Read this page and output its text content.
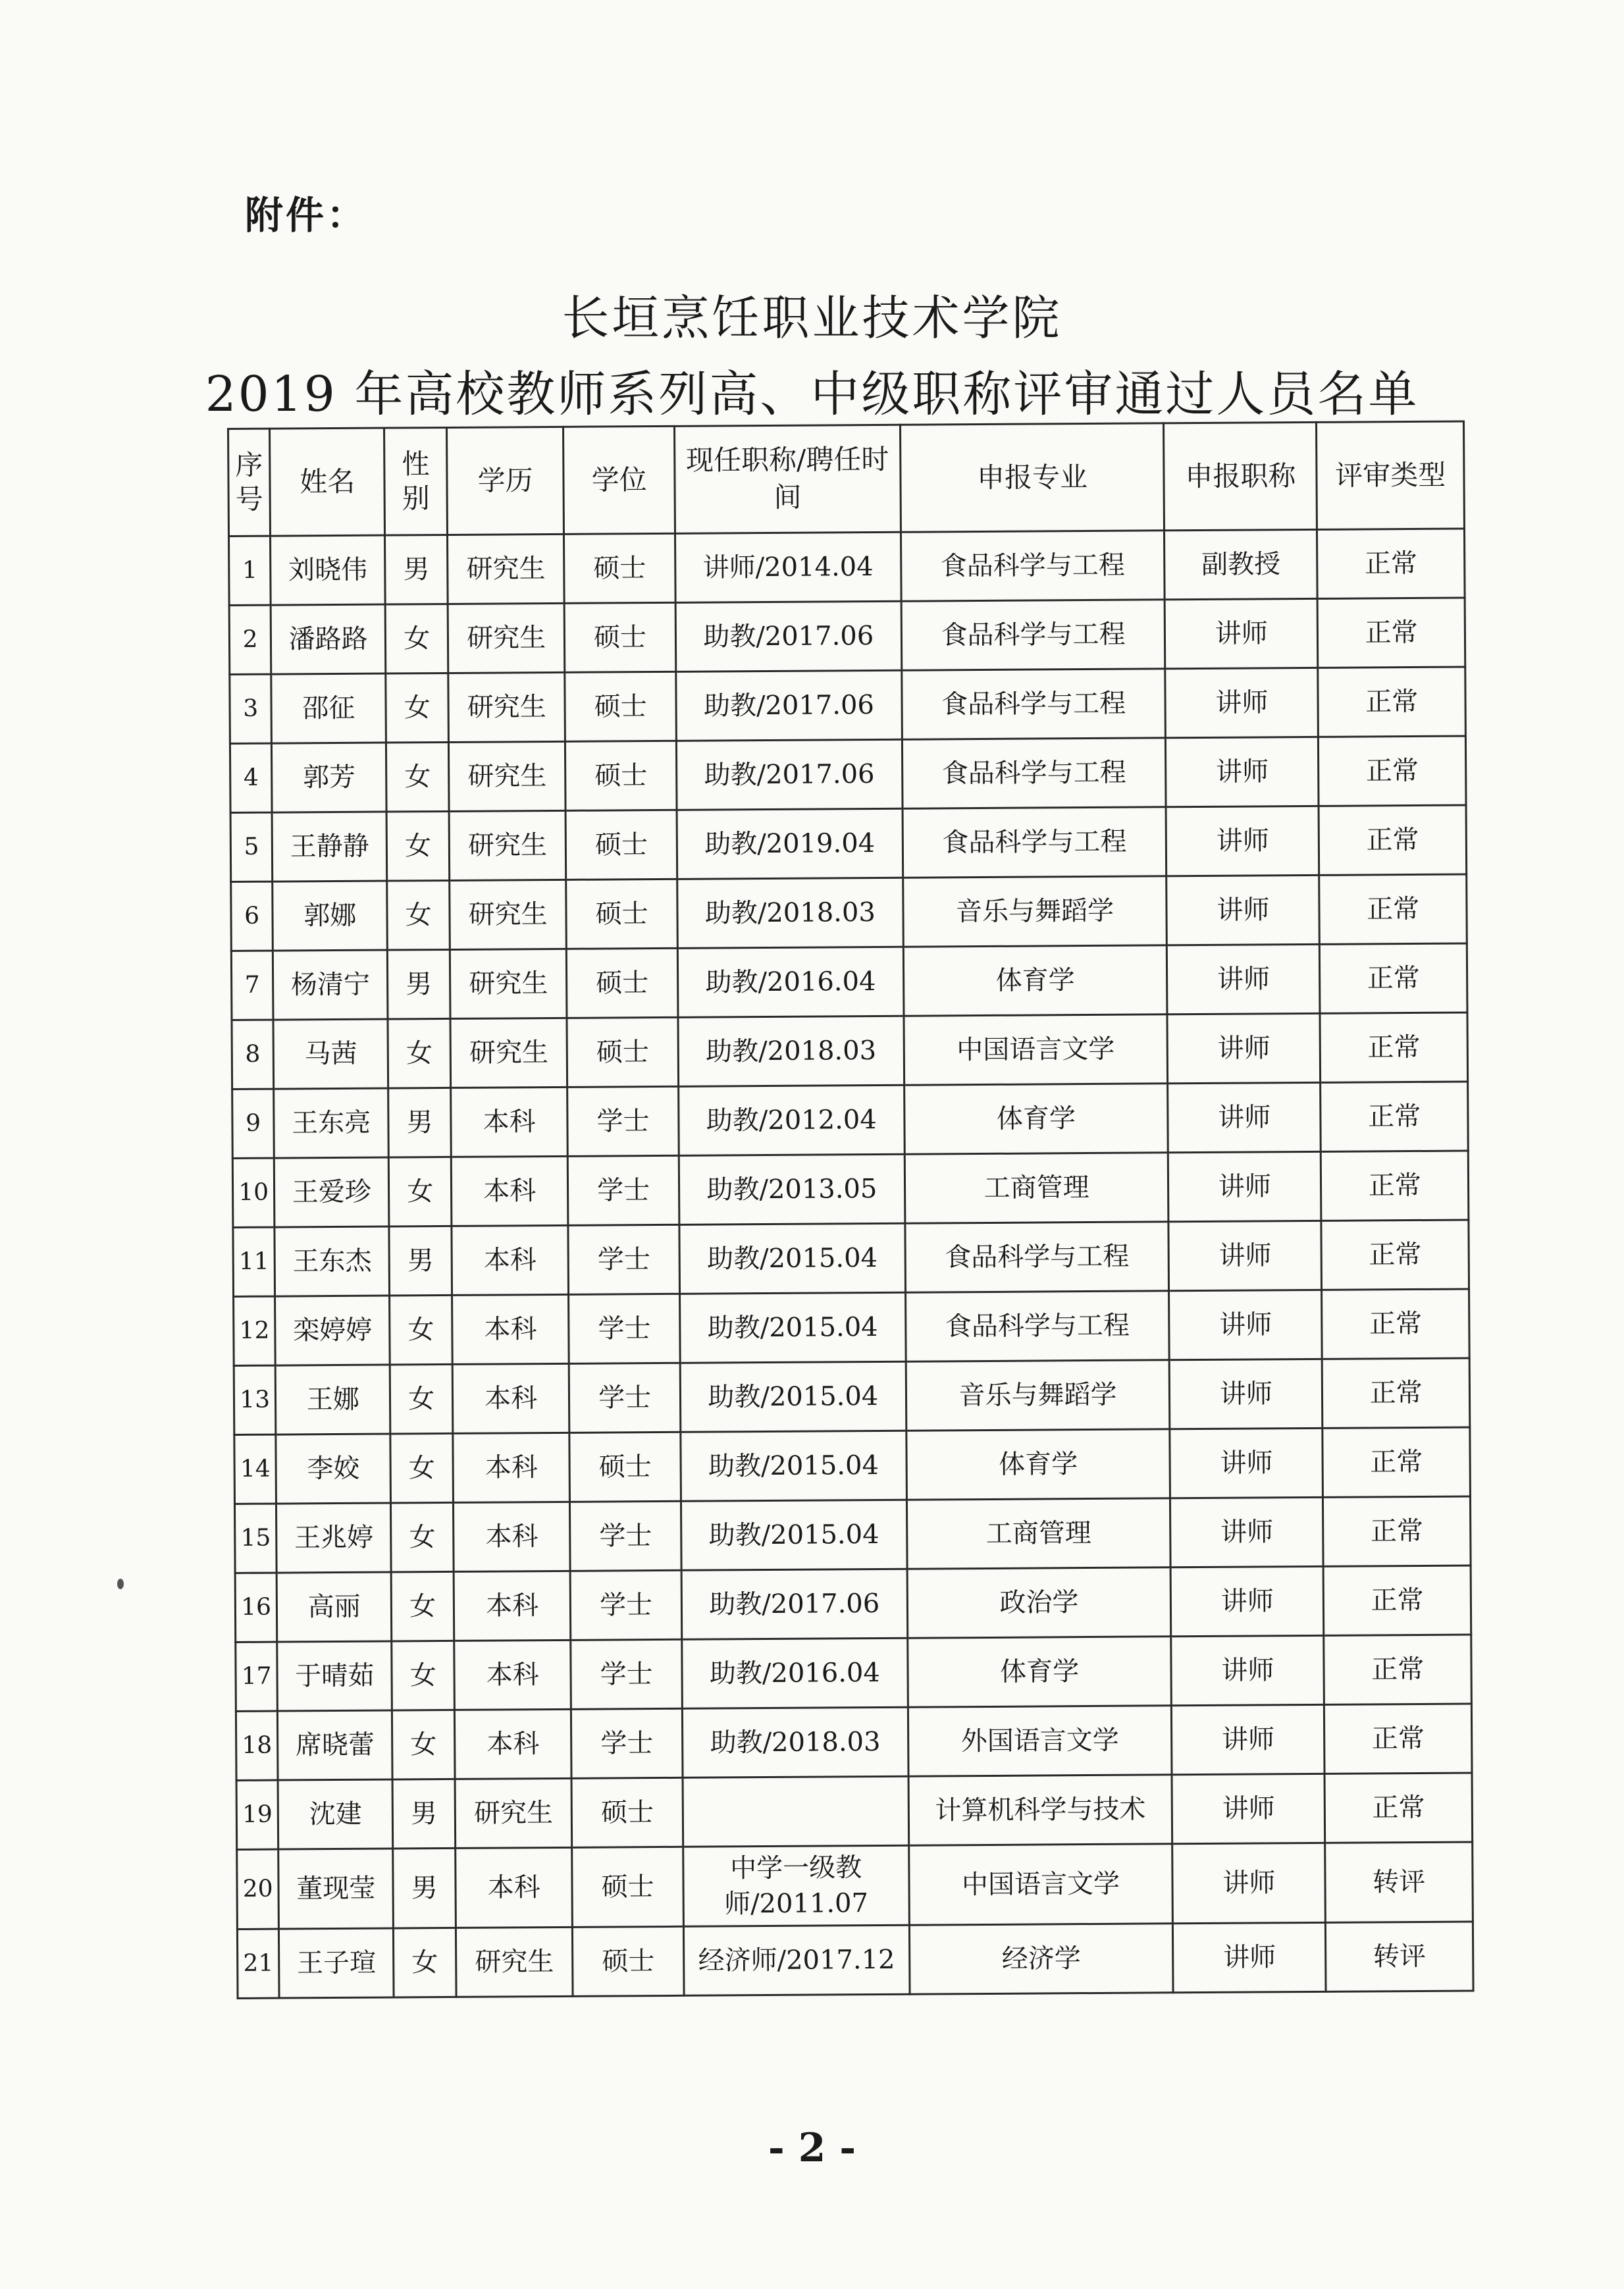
附件：
长垣烹饪职业技术学院
2019 年高校教师系列高、中级职称评审通过人员名单
序号	姓名	性别	学历	学位	现任职称/聘任时间	申报专业	申报职称	评审类型
1	刘晓伟	男	研究生	硕士	讲师/2014.04	食品科学与工程	副教授	正常
2	潘路路	女	研究生	硕士	助教/2017.06	食品科学与工程	讲师	正常
3	邵征	女	研究生	硕士	助教/2017.06	食品科学与工程	讲师	正常
4	郭芳	女	研究生	硕士	助教/2017.06	食品科学与工程	讲师	正常
5	王静静	女	研究生	硕士	助教/2019.04	食品科学与工程	讲师	正常
6	郭娜	女	研究生	硕士	助教/2018.03	音乐与舞蹈学	讲师	正常
7	杨清宁	男	研究生	硕士	助教/2016.04	体育学	讲师	正常
8	马茜	女	研究生	硕士	助教/2018.03	中国语言文学	讲师	正常
9	王东亮	男	本科	学士	助教/2012.04	体育学	讲师	正常
10	王爱珍	女	本科	学士	助教/2013.05	工商管理	讲师	正常
11	王东杰	男	本科	学士	助教/2015.04	食品科学与工程	讲师	正常
12	栾婷婷	女	本科	学士	助教/2015.04	食品科学与工程	讲师	正常
13	王娜	女	本科	学士	助教/2015.04	音乐与舞蹈学	讲师	正常
14	李姣	女	本科	硕士	助教/2015.04	体育学	讲师	正常
15	王兆婷	女	本科	学士	助教/2015.04	工商管理	讲师	正常
16	高丽	女	本科	学士	助教/2017.06	政治学	讲师	正常
17	于晴茹	女	本科	学士	助教/2016.04	体育学	讲师	正常
18	席晓蕾	女	本科	学士	助教/2018.03	外国语言文学	讲师	正常
19	沈建	男	研究生	硕士		计算机科学与技术	讲师	正常
20	董现莹	男	本科	硕士	中学一级教师/2011.07	中国语言文学	讲师	转评
21	王子瑄	女	研究生	硕士	经济师/2017.12	经济学	讲师	转评
- 2 -
